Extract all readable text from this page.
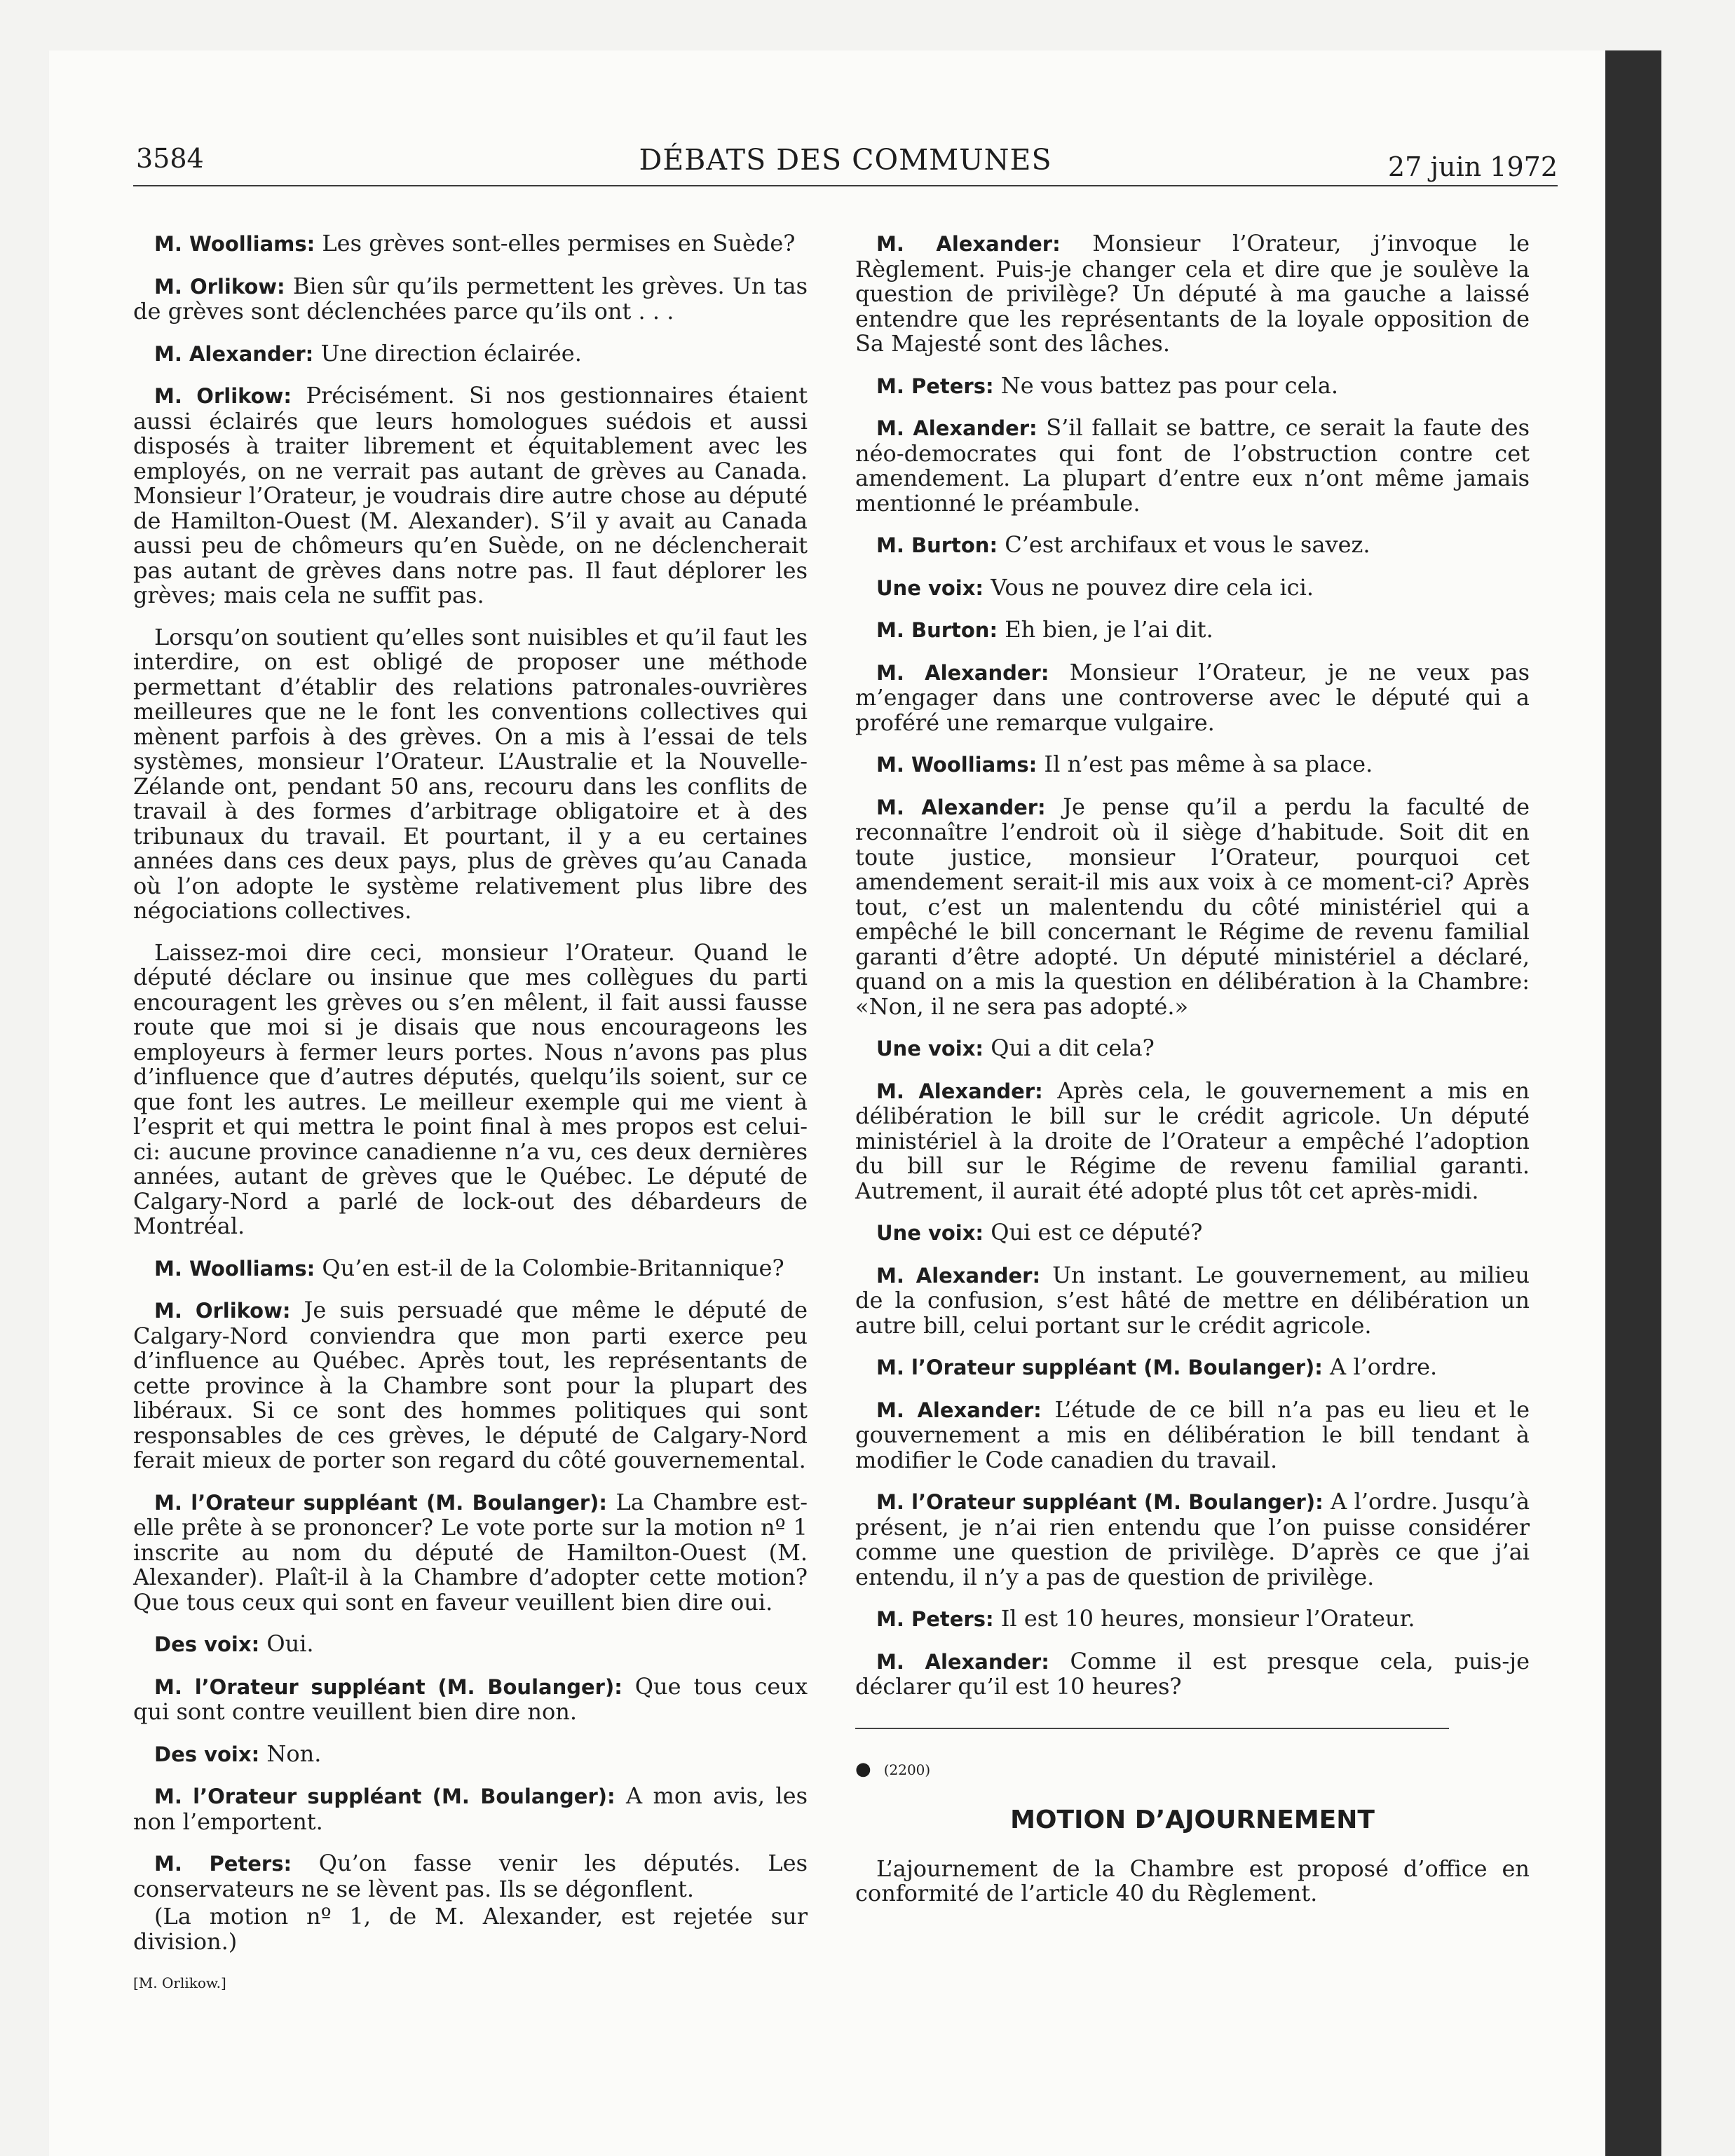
3584	DÉBATS DES COMMUNES	27 juin 1972

M. Woolliams: Les grèves sont-elles permises en Suède?

M. Orlikow: Bien sûr qu’ils permettent les grèves. Un tas de grèves sont déclenchées parce qu’ils ont . . .

M. Alexander: Une direction éclairée.

M. Orlikow: Précisément. Si nos gestionnaires étaient aussi éclairés que leurs homologues suédois et aussi disposés à traiter librement et équitablement avec les employés, on ne verrait pas autant de grèves au Canada. Monsieur l’Orateur, je voudrais dire autre chose au député de Hamilton-Ouest (M. Alexander). S’il y avait au Canada aussi peu de chômeurs qu’en Suède, on ne déclencherait pas autant de grèves dans notre pas. Il faut déplorer les grèves; mais cela ne suffit pas.

Lorsqu’on soutient qu’elles sont nuisibles et qu’il faut les interdire, on est obligé de proposer une méthode permettant d’établir des relations patronales-ouvrières meilleures que ne le font les conventions collectives qui mènent parfois à des grèves. On a mis à l’essai de tels systèmes, monsieur l’Orateur. L’Australie et la Nouvelle-Zélande ont, pendant 50 ans, recouru dans les conflits de travail à des formes d’arbitrage obligatoire et à des tribunaux du travail. Et pourtant, il y a eu certaines années dans ces deux pays, plus de grèves qu’au Canada où l’on adopte le système relativement plus libre des négociations collectives.

Laissez-moi dire ceci, monsieur l’Orateur. Quand le député déclare ou insinue que mes collègues du parti encouragent les grèves ou s’en mêlent, il fait aussi fausse route que moi si je disais que nous encourageons les employeurs à fermer leurs portes. Nous n’avons pas plus d’influence que d’autres députés, quelqu’ils soient, sur ce que font les autres. Le meilleur exemple qui me vient à l’esprit et qui mettra le point final à mes propos est celui-ci: aucune province canadienne n’a vu, ces deux dernières années, autant de grèves que le Québec. Le député de Calgary-Nord a parlé de lock-out des débardeurs de Montréal.

M. Woolliams: Qu’en est-il de la Colombie-Britannique?

M. Orlikow: Je suis persuadé que même le député de Calgary-Nord conviendra que mon parti exerce peu d’influence au Québec. Après tout, les représentants de cette province à la Chambre sont pour la plupart des libéraux. Si ce sont des hommes politiques qui sont responsables de ces grèves, le député de Calgary-Nord ferait mieux de porter son regard du côté gouvernemental.

M. l’Orateur suppléant (M. Boulanger): La Chambre est-elle prête à se prononcer? Le vote porte sur la motion nº 1 inscrite au nom du député de Hamilton-Ouest (M. Alexander). Plaît-il à la Chambre d’adopter cette motion? Que tous ceux qui sont en faveur veuillent bien dire oui.

Des voix: Oui.

M. l’Orateur suppléant (M. Boulanger): Que tous ceux qui sont contre veuillent bien dire non.

Des voix: Non.

M. l’Orateur suppléant (M. Boulanger): A mon avis, les non l’emportent.

M. Peters: Qu’on fasse venir les députés. Les conservateurs ne se lèvent pas. Ils se dégonflent.

(La motion nº 1, de M. Alexander, est rejetée sur division.)

[M. Orlikow.]

M. Alexander: Monsieur l’Orateur, j’invoque le Règlement. Puis-je changer cela et dire que je soulève la question de privilège? Un député à ma gauche a laissé entendre que les représentants de la loyale opposition de Sa Majesté sont des lâches.

M. Peters: Ne vous battez pas pour cela.

M. Alexander: S’il fallait se battre, ce serait la faute des néo-democrates qui font de l’obstruction contre cet amendement. La plupart d’entre eux n’ont même jamais mentionné le préambule.

M. Burton: C’est archifaux et vous le savez.

Une voix: Vous ne pouvez dire cela ici.

M. Burton: Eh bien, je l’ai dit.

M. Alexander: Monsieur l’Orateur, je ne veux pas m’engager dans une controverse avec le député qui a proféré une remarque vulgaire.

M. Woolliams: Il n’est pas même à sa place.

M. Alexander: Je pense qu’il a perdu la faculté de reconnaître l’endroit où il siège d’habitude. Soit dit en toute justice, monsieur l’Orateur, pourquoi cet amendement serait-il mis aux voix à ce moment-ci? Après tout, c’est un malentendu du côté ministériel qui a empêché le bill concernant le Régime de revenu familial garanti d’être adopté. Un député ministériel a déclaré, quand on a mis la question en délibération à la Chambre: «Non, il ne sera pas adopté.»

Une voix: Qui a dit cela?

M. Alexander: Après cela, le gouvernement a mis en délibération le bill sur le crédit agricole. Un député ministériel à la droite de l’Orateur a empêché l’adoption du bill sur le Régime de revenu familial garanti. Autrement, il aurait été adopté plus tôt cet après-midi.

Une voix: Qui est ce député?

M. Alexander: Un instant. Le gouvernement, au milieu de la confusion, s’est hâté de mettre en délibération un autre bill, celui portant sur le crédit agricole.

M. l’Orateur suppléant (M. Boulanger): A l’ordre.

M. Alexander: L’étude de ce bill n’a pas eu lieu et le gouvernement a mis en délibération le bill tendant à modifier le Code canadien du travail.

M. l’Orateur suppléant (M. Boulanger): A l’ordre. Jusqu’à présent, je n’ai rien entendu que l’on puisse considérer comme une question de privilège. D’après ce que j’ai entendu, il n’y a pas de question de privilège.

M. Peters: Il est 10 heures, monsieur l’Orateur.

M. Alexander: Comme il est presque cela, puis-je déclarer qu’il est 10 heures?

● (2200)
MOTION D’AJOURNEMENT

L’ajournement de la Chambre est proposé d’office en conformité de l’article 40 du Règlement.
